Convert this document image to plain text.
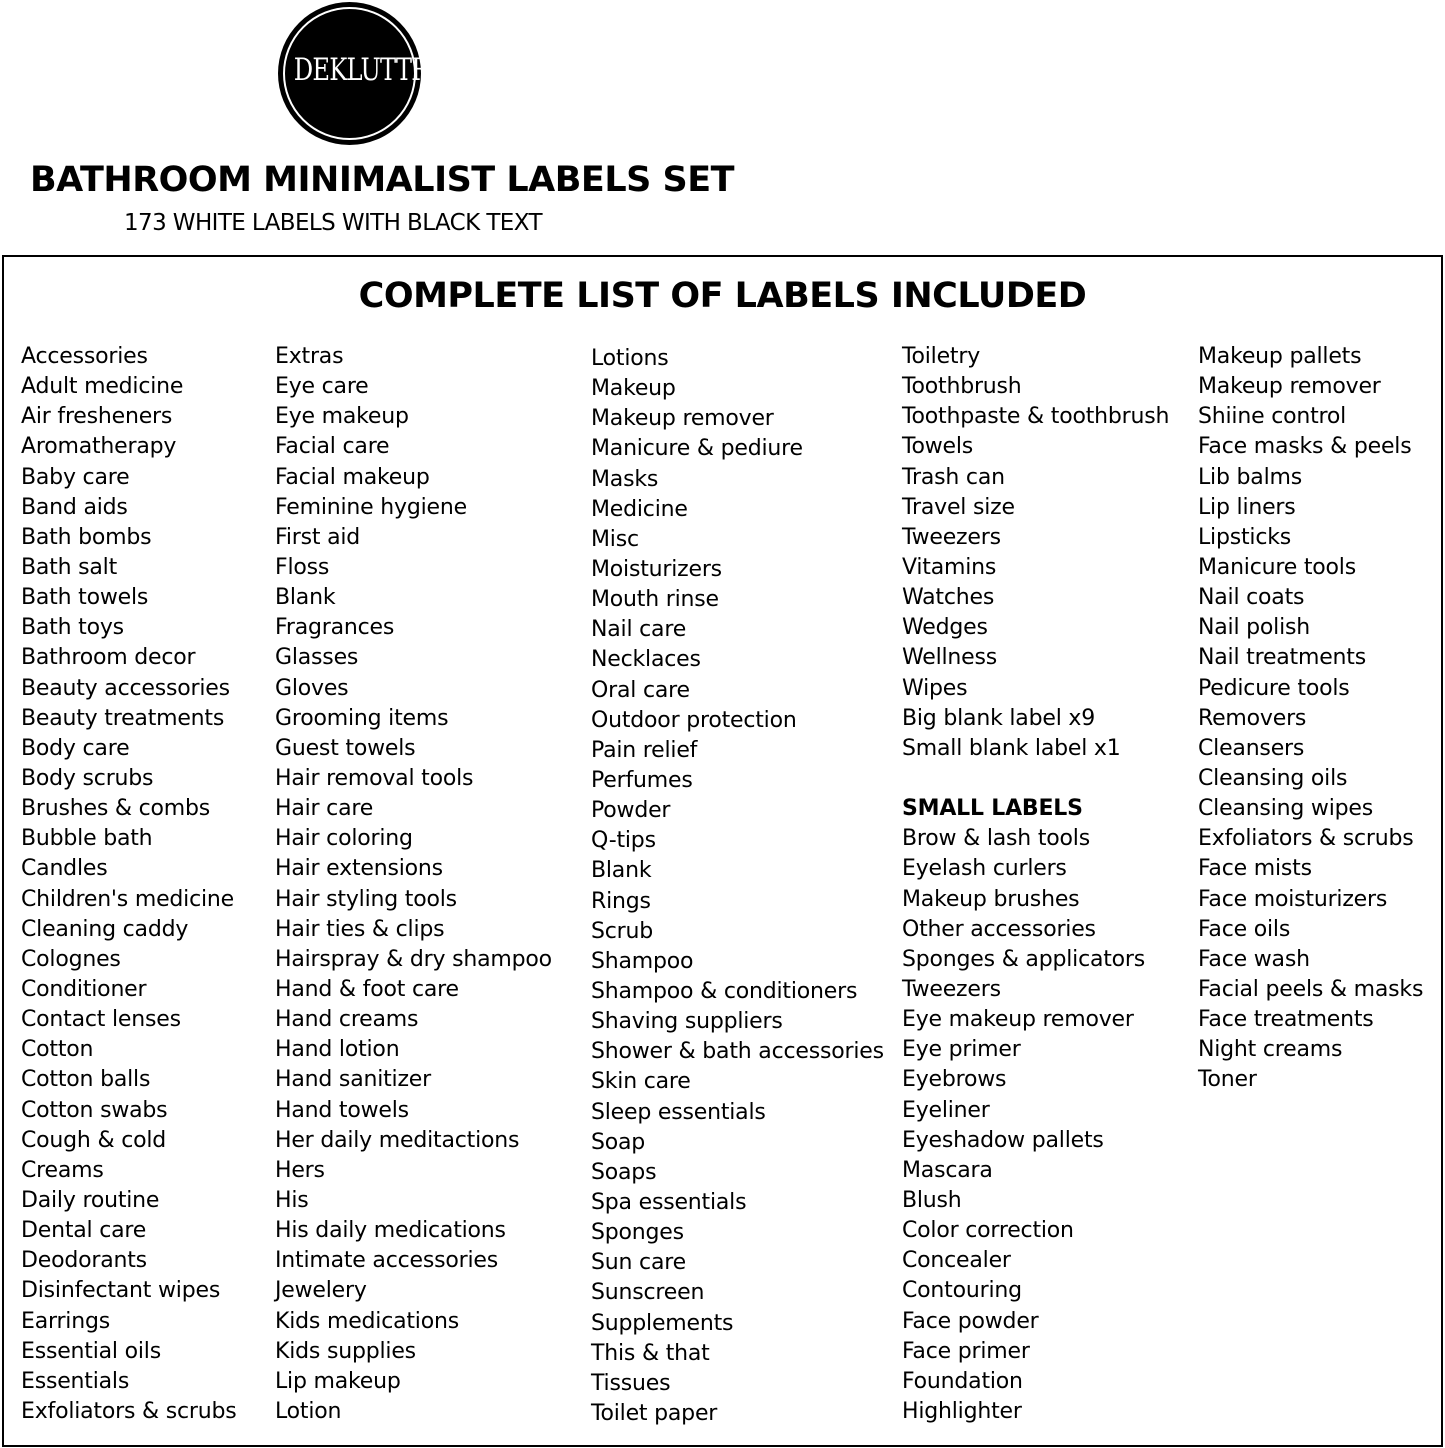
DEKLUTTR
BATHROOM MINIMALIST LABELS SET
173 WHITE LABELS WITH BLACK TEXT
COMPLETE LIST OF LABELS INCLUDED
Accessories
Adult medicine
Air fresheners
Aromatherapy
Baby care
Band aids
Bath bombs
Bath salt
Bath towels
Bath toys
Bathroom decor
Beauty accessories
Beauty treatments
Body care
Body scrubs
Brushes & combs
Bubble bath
Candles
Children's medicine
Cleaning caddy
Colognes
Conditioner
Contact lenses
Cotton
Cotton balls
Cotton swabs
Cough & cold
Creams
Daily routine
Dental care
Deodorants
Disinfectant wipes
Earrings
Essential oils
Essentials
Exfoliators & scrubs
Extras
Eye care
Eye makeup
Facial care
Facial makeup
Feminine hygiene
First aid
Floss
Blank
Fragrances
Glasses
Gloves
Grooming items
Guest towels
Hair removal tools
Hair care
Hair coloring
Hair extensions
Hair styling tools
Hair ties & clips
Hairspray & dry shampoo
Hand & foot care
Hand creams
Hand lotion
Hand sanitizer
Hand towels
Her daily meditactions
Hers
His
His daily medications
Intimate accessories
Jewelery
Kids medications
Kids supplies
Lip makeup
Lotion
Lotions
Makeup
Makeup remover
Manicure & pediure
Masks
Medicine
Misc
Moisturizers
Mouth rinse
Nail care
Necklaces
Oral care
Outdoor protection
Pain relief
Perfumes
Powder
Q-tips
Blank
Rings
Scrub
Shampoo
Shampoo & conditioners
Shaving suppliers
Shower & bath accessories
Skin care
Sleep essentials
Soap
Soaps
Spa essentials
Sponges
Sun care
Sunscreen
Supplements
This & that
Tissues
Toilet paper
Toiletry
Toothbrush
Toothpaste & toothbrush
Towels
Trash can
Travel size
Tweezers
Vitamins
Watches
Wedges
Wellness
Wipes
Big blank label x9
Small blank label x1
SMALL LABELS
Brow & lash tools
Eyelash curlers
Makeup brushes
Other accessories
Sponges & applicators
Tweezers
Eye makeup remover
Eye primer
Eyebrows
Eyeliner
Eyeshadow pallets
Mascara
Blush
Color correction
Concealer
Contouring
Face powder
Face primer
Foundation
Highlighter
Makeup pallets
Makeup remover
Shiine control
Face masks & peels
Lib balms
Lip liners
Lipsticks
Manicure tools
Nail coats
Nail polish
Nail treatments
Pedicure tools
Removers
Cleansers
Cleansing oils
Cleansing wipes
Exfoliators & scrubs
Face mists
Face moisturizers
Face oils
Face wash
Facial peels & masks
Face treatments
Night creams
Toner
